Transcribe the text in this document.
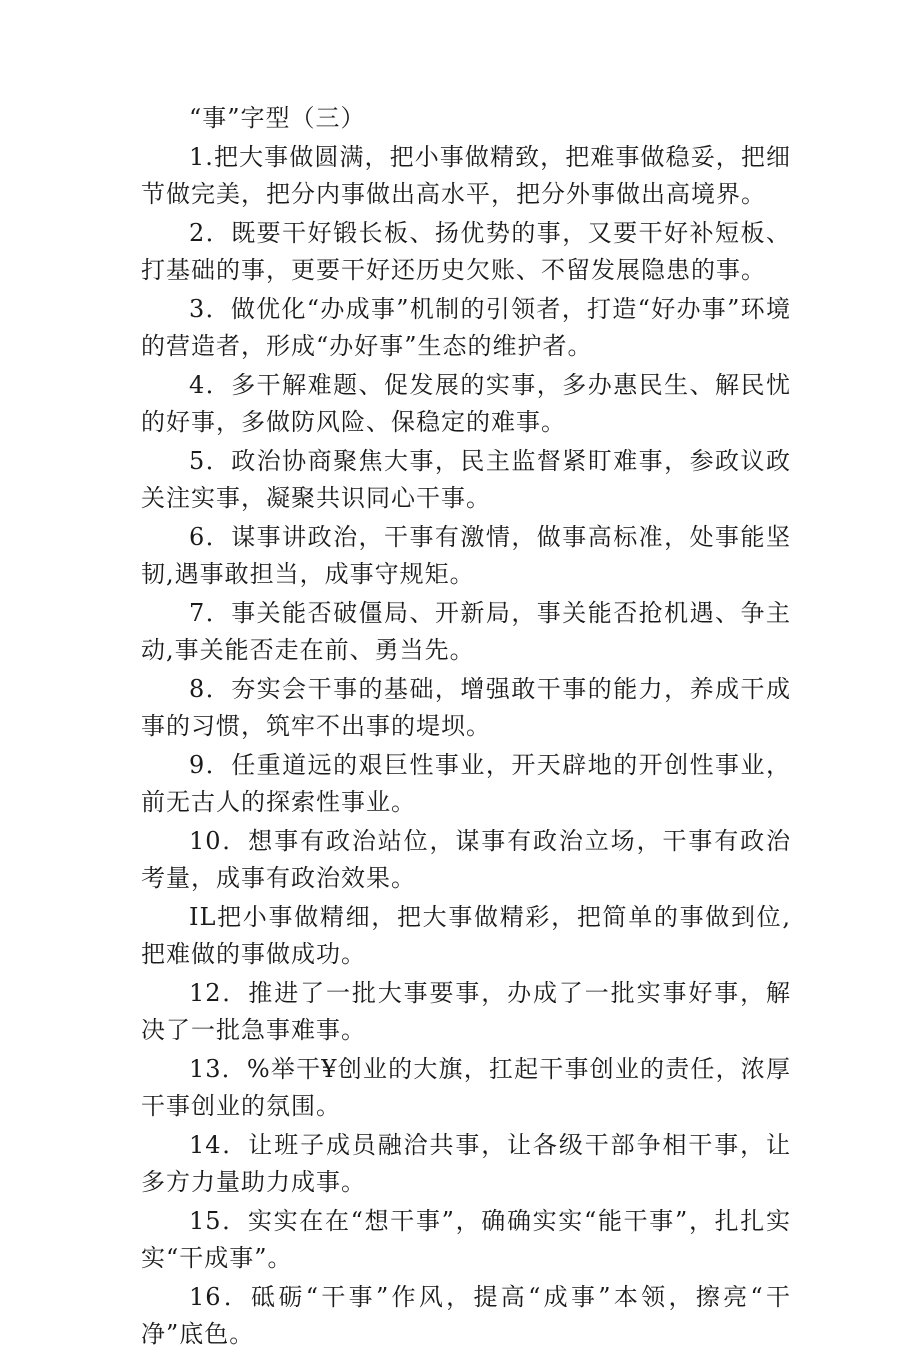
“事”字型（三）

1.把大事做圆满，把小事做精致，把难事做稳妥，把细节做完美，把分内事做出高水平，把分外事做出高境界。

2．既要干好锻长板、扬优势的事，又要干好补短板、打基础的事，更要干好还历史欠账、不留发展隐患的事。

3．做优化“办成事”机制的引领者，打造“好办事”环境的营造者，形成“办好事”生态的维护者。

4．多干解难题、促发展的实事，多办惠民生、解民忧的好事，多做防风险、保稳定的难事。

5．政治协商聚焦大事，民主监督紧盯难事，参政议政关注实事，凝聚共识同心干事。

6．谋事讲政治，干事有激情，做事高标准，处事能坚韧,遇事敢担当，成事守规矩。

7．事关能否破僵局、开新局，事关能否抢机遇、争主动,事关能否走在前、勇当先。

8．夯实会干事的基础，增强敢干事的能力，养成干成事的习惯，筑牢不出事的堤坝。

9．任重道远的艰巨性事业，开天辟地的开创性事业，前无古人的探索性事业。

10．想事有政治站位，谋事有政治立场，干事有政治考量，成事有政治效果。

IL把小事做精细，把大事做精彩，把简单的事做到位,把难做的事做成功。

12．推进了一批大事要事，办成了一批实事好事，解决了一批急事难事。

13．%举干¥创业的大旗，扛起干事创业的责任，浓厚干事创业的氛围。

14．让班子成员融洽共事，让各级干部争相干事，让多方力量助力成事。

15．实实在在“想干事”，确确实实“能干事”，扎扎实实“干成事”。

16．砥砺“干事”作风，提高“成事”本领，擦亮“干净”底色。
